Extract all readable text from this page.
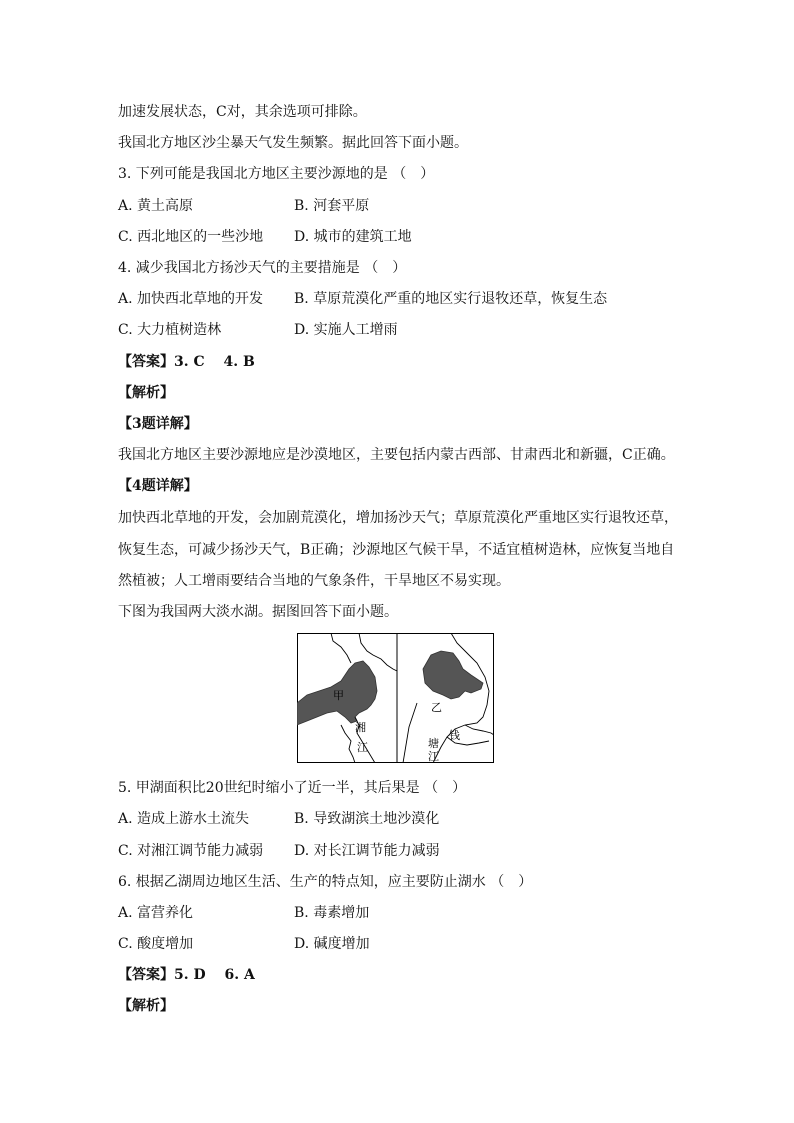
加速发展状态，C对，其余选项可排除。
我国北方地区沙尘暴天气发生频繁。据此回答下面小题。
3. 下列可能是我国北方地区主要沙源地的是 （　）
A. 黄土高原	B. 河套平原
C. 西北地区的一些沙地 D. 城市的建筑工地
4. 减少我国北方扬沙天气的主要措施是 （　）
A. 加快西北草地的开发 B. 草原荒漠化严重的地区实行退牧还草，恢复生态
C. 大力植树造林	D. 实施人工增雨
【答案】3. C　 4. B
【解析】
【3题详解】
我国北方地区主要沙源地应是沙漠地区，主要包括内蒙古西部、甘肃西北和新疆，C正确。
【4题详解】
加快西北草地的开发，会加剧荒漠化，增加扬沙天气；草原荒漠化严重地区实行退牧还草，
恢复生态，可减少扬沙天气，B正确；沙源地区气候干旱，不适宜植树造林，应恢复当地自
然植被；人工增雨要结合当地的气象条件，干旱地区不易实现。
下图为我国两大淡水湖。据图回答下面小题。
甲
湘
江
乙
钱
塘
江
5. 甲湖面积比20世纪时缩小了近一半，其后果是 （　）
A. 造成上游水土流失	B. 导致湖滨土地沙漠化
C. 对湘江调节能力减弱 D. 对长江调节能力减弱
6. 根据乙湖周边地区生活、生产的特点知，应主要防止湖水 （　）
A. 富营养化	B. 毒素增加
C. 酸度增加	D. 碱度增加
【答案】5. D　 6. A
【解析】
